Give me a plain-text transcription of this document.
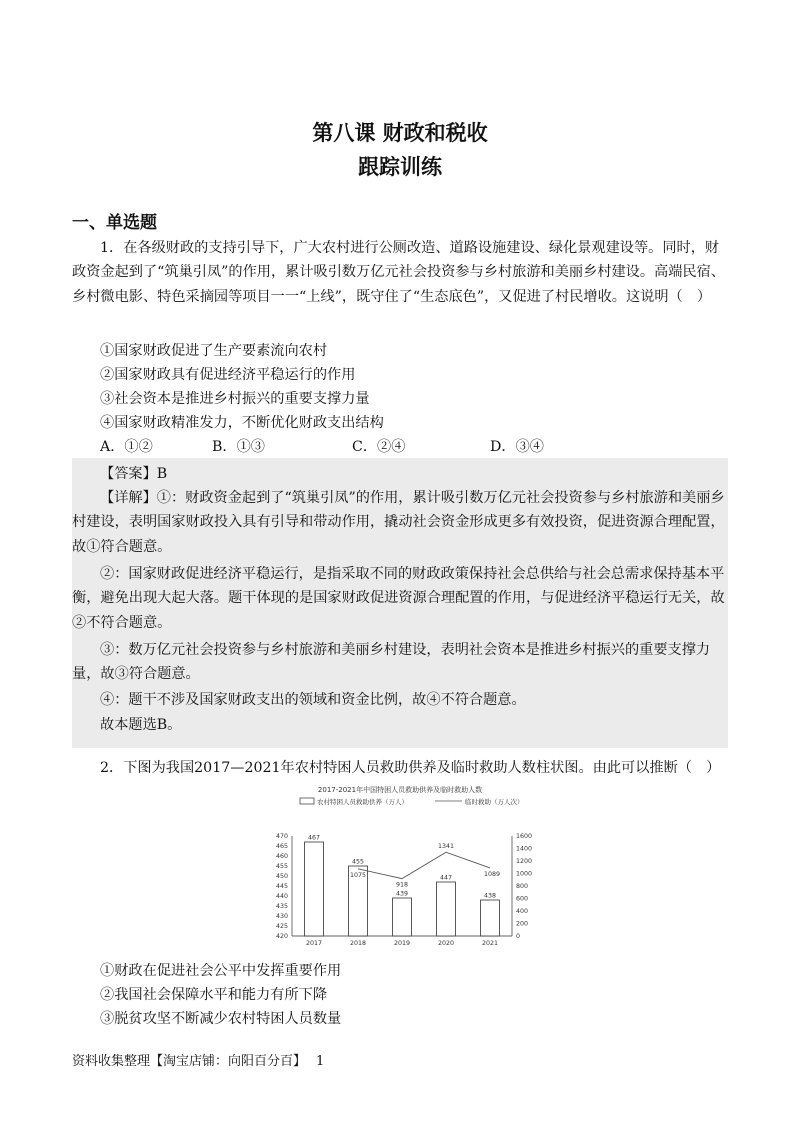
第八课 财政和税收
跟踪训练
一、单选题
1．在各级财政的支持引导下，广大农村进行公厕改造、道路设施建设、绿化景观建设等。同时，财政资金起到了“筑巢引凤”的作用，累计吸引数万亿元社会投资参与乡村旅游和美丽乡村建设。高端民宿、乡村微电影、特色采摘园等项目一一“上线”，既守住了“生态底色”，又促进了村民增收。这说明（　）
①国家财政促进了生产要素流向农村
②国家财政具有促进经济平稳运行的作用
③社会资本是推进乡村振兴的重要支撑力量
④国家财政精准发力，不断优化财政支出结构
A．①②	B．①③	C．②④	D．③④
【答案】B
【详解】①：财政资金起到了“筑巢引凤”的作用，累计吸引数万亿元社会投资参与乡村旅游和美丽乡村建设，表明国家财政投入具有引导和带动作用，撬动社会资金形成更多有效投资，促进资源合理配置，故①符合题意。
②：国家财政促进经济平稳运行，是指采取不同的财政政策保持社会总供给与社会总需求保持基本平衡，避免出现大起大落。题干体现的是国家财政促进资源合理配置的作用，与促进经济平稳运行无关，故②不符合题意。
③：数万亿元社会投资参与乡村旅游和美丽乡村建设，表明社会资本是推进乡村振兴的重要支撑力量，故③符合题意。
④：题干不涉及国家财政支出的领域和资金比例，故④不符合题意。
故本题选B。
2．下图为我国2017—2021年农村特困人员救助供养及临时救助人数柱状图。由此可以推断（　）
2017-2021年中国特困人员救助供养及临时救助人数
农村特困人员救助供养（万人）	临时救助（万人次）
420
425
430
435
440
445
450
455
460
465
470
0
200
400
600
800
1000
1200
1400
1600
2017	2018	2019	2020	2021
467
455
439
447
438
1075
918
1341
1089
①财政在促进社会公平中发挥重要作用
②我国社会保障水平和能力有所下降
③脱贫攻坚不断减少农村特困人员数量
资料收集整理【淘宝店铺：向阳百分百】 1
